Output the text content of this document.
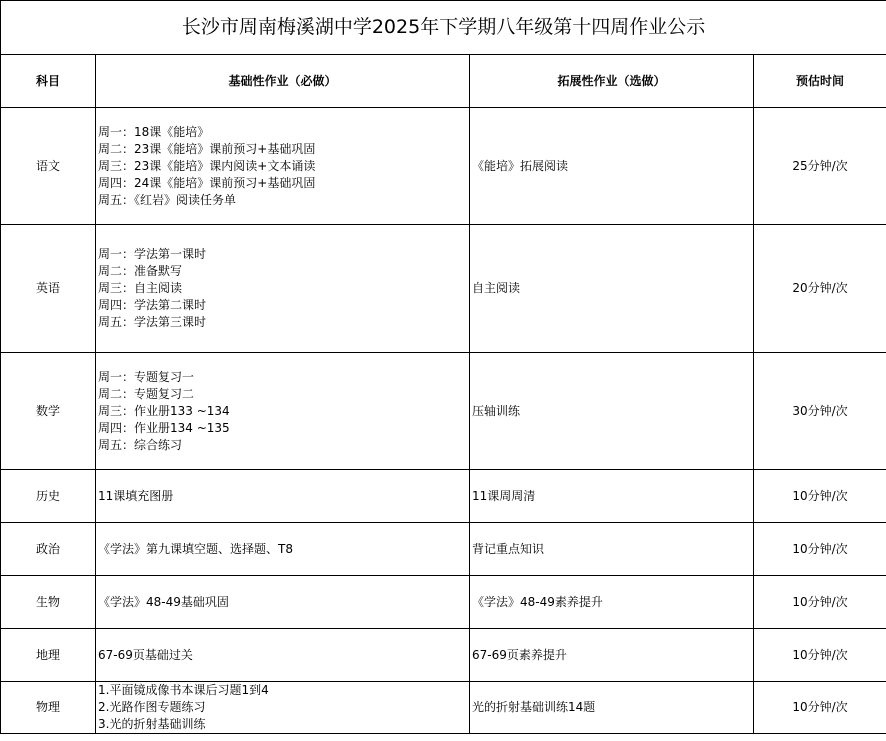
长沙市周南梅溪湖中学2025年下学期八年级第十四周作业公示			
科目	基础性作业（必做）	拓展性作业（选做）	预估时间
语文	周一：18课《能培》
周二：23课《能培》课前预习+基础巩固
周三：23课《能培》课内阅读+文本诵读
周四：24课《能培》课前预习+基础巩固
周五：《红岩》阅读任务单	《能培》拓展阅读	25分钟/次
英语	周一：学法第一课时
周二：准备默写
周三：自主阅读
周四：学法第二课时
周五：学法第三课时	自主阅读	20分钟/次
数学	周一：专题复习一
周二：专题复习二
周三：作业册133 ~134
周四：作业册134 ~135
周五：综合练习	压轴训练	30分钟/次
历史	11课填充图册	11课周周清	10分钟/次
政治	《学法》第九课填空题、选择题、T8	背记重点知识	10分钟/次
生物	《学法》48-49基础巩固	《学法》48-49素养提升	10分钟/次
地理	67-69页基础过关	67-69页素养提升	10分钟/次
物理	1.平面镜成像书本课后习题1到4
2.光路作图专题练习
3.光的折射基础训练	光的折射基础训练14题	10分钟/次
